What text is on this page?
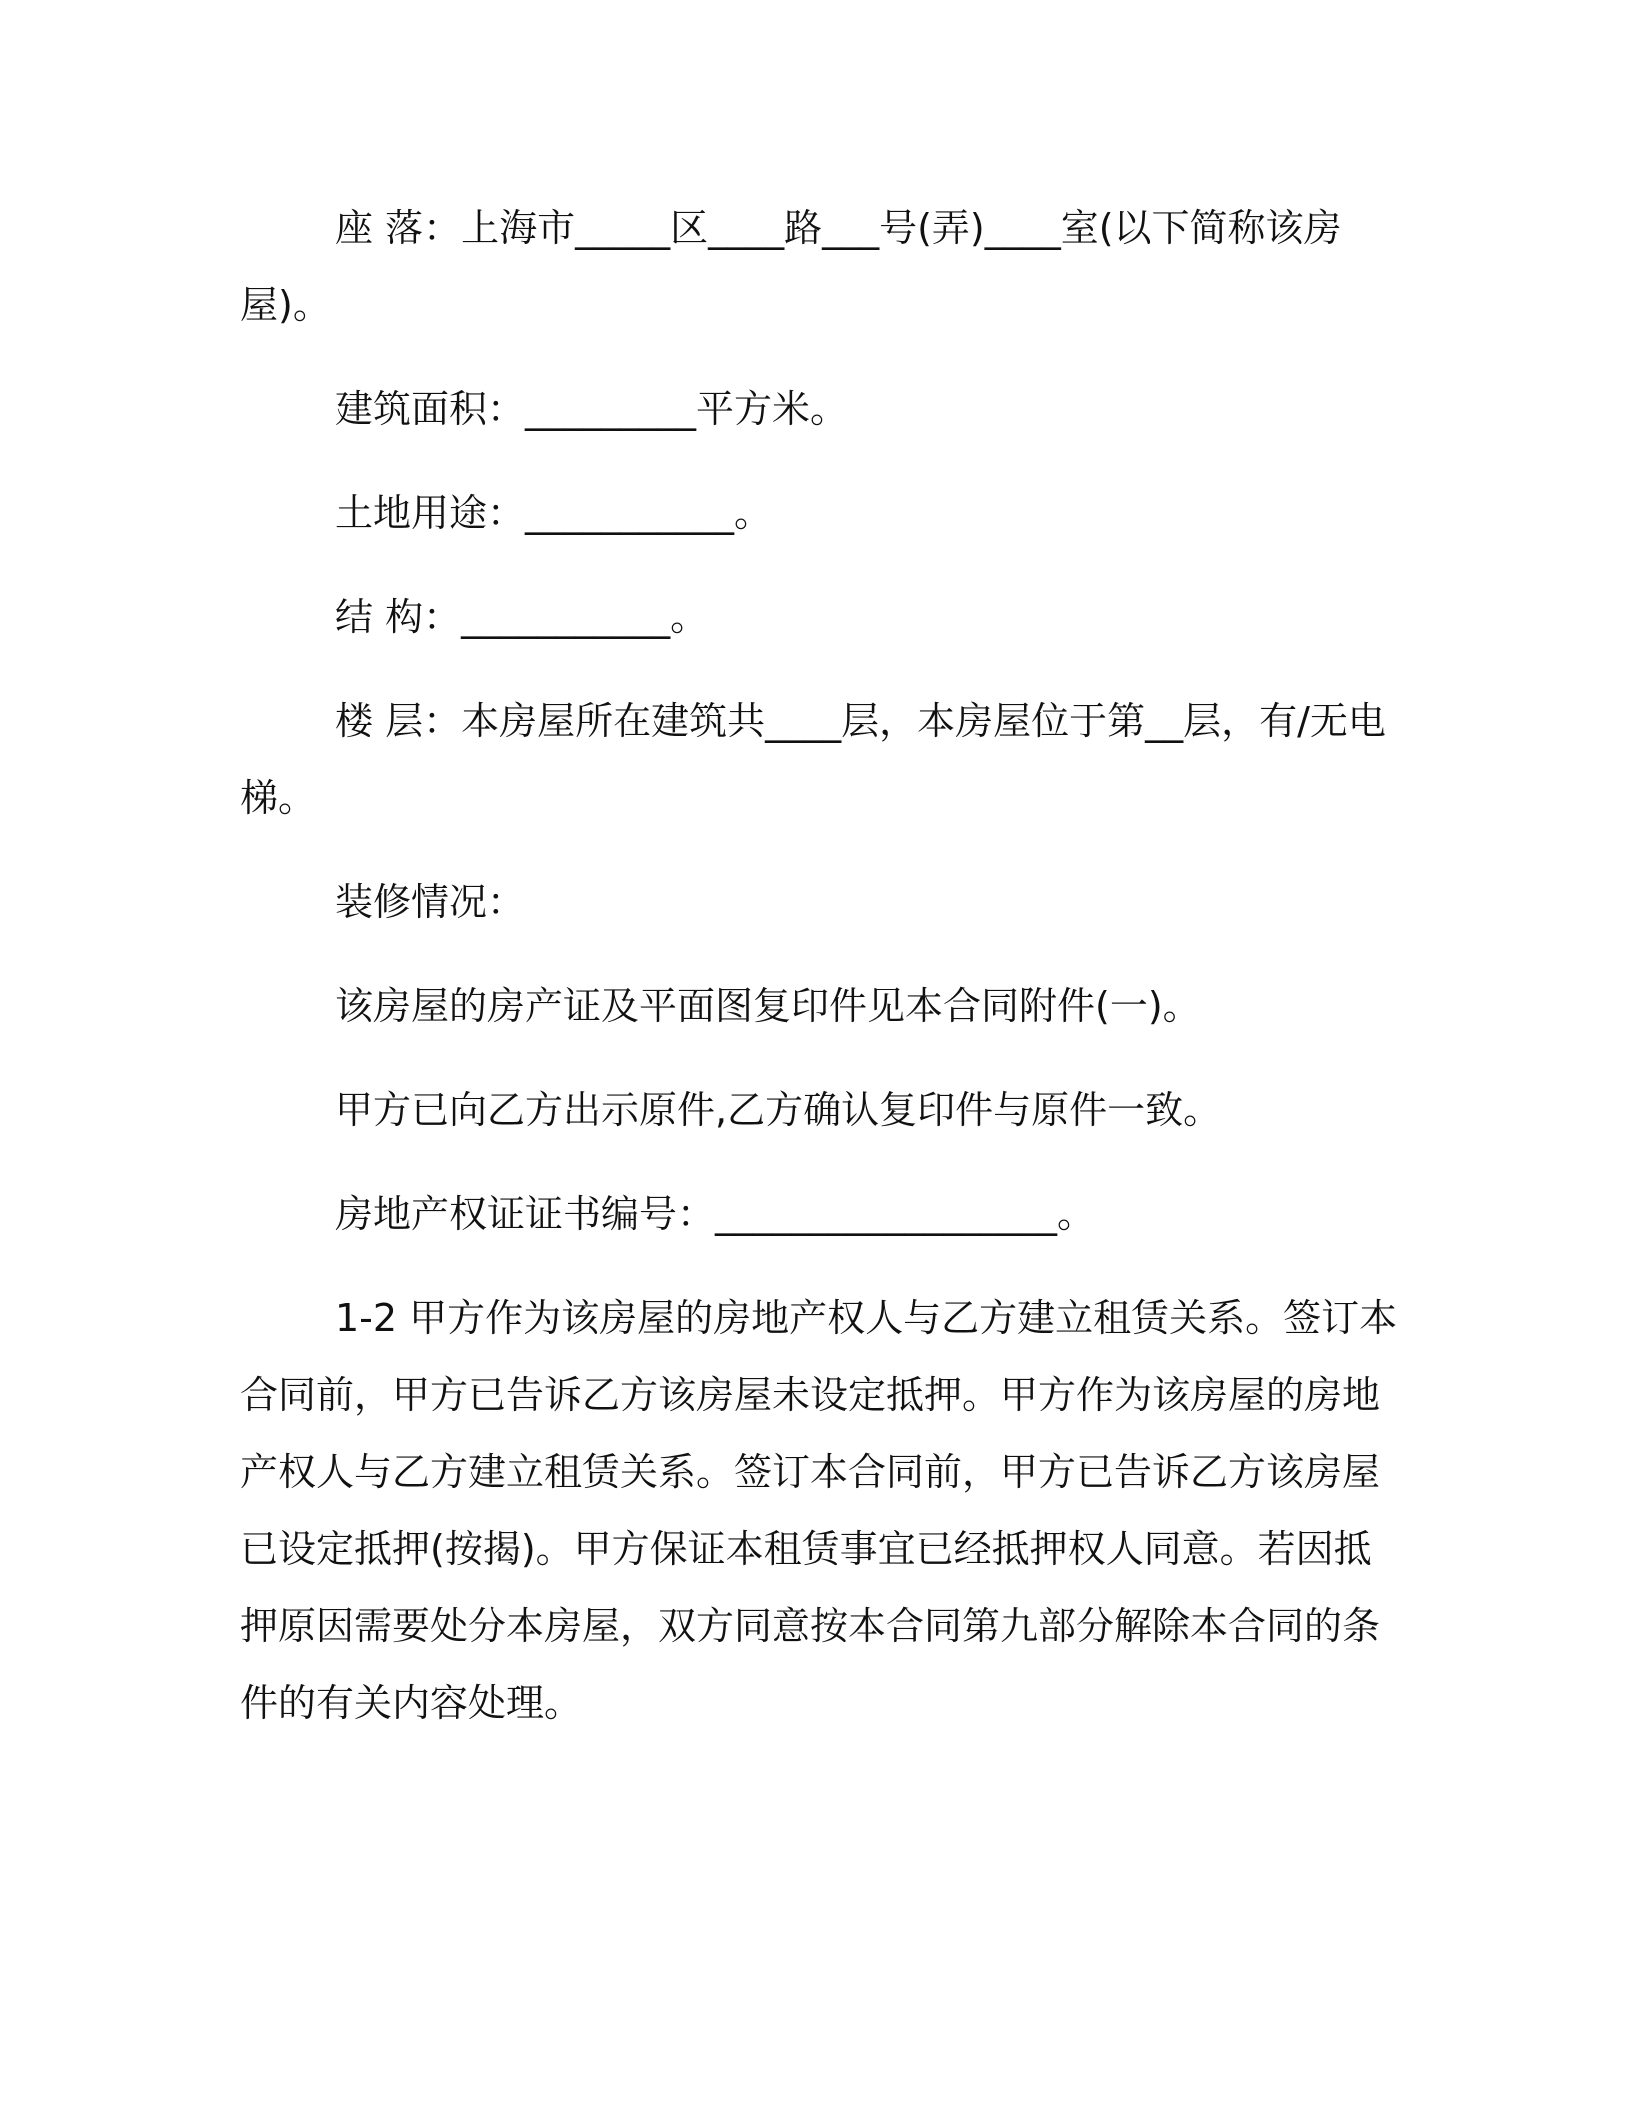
座 落：上海市_____区____路___号(弄)____室(以下简称该房屋)。

建筑面积：_________平方米。

土地用途：___________。

结 构：___________。

楼 层：本房屋所在建筑共____层，本房屋位于第__层，有/无电梯。

装修情况：

该房屋的房产证及平面图复印件见本合同附件(一)。

甲方已向乙方出示原件,乙方确认复印件与原件一致。

房地产权证证书编号：__________________。

1-2 甲方作为该房屋的房地产权人与乙方建立租赁关系。签订本合同前，甲方已告诉乙方该房屋未设定抵押。甲方作为该房屋的房地产权人与乙方建立租赁关系。签订本合同前，甲方已告诉乙方该房屋已设定抵押(按揭)。甲方保证本租赁事宜已经抵押权人同意。若因抵押原因需要处分本房屋，双方同意按本合同第九部分解除本合同的条件的有关内容处理。
